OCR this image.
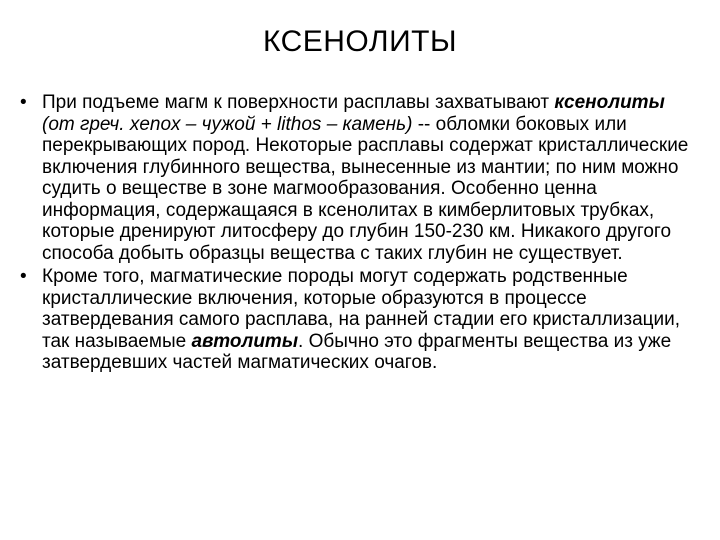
КСЕНОЛИТЫ
• При подъеме магм к поверхности расплавы захватывают ксенолиты (от греч. xenox – чужой + lithos – камень) -- обломки боковых или перекрывающих пород. Некоторые расплавы содержат кристаллические включения глубинного вещества, вынесенные из мантии; по ним можно судить о веществе в зоне магмообразования. Особенно ценна информация, содержащаяся в ксенолитах в кимберлитовых трубках, которые дренируют литосферу до глубин 150-230 км. Никакого другого способа добыть образцы вещества с таких глубин не существует.
• Кроме того, магматические породы могут содержать родственные кристаллические включения, которые образуются в процессе затвердевания самого расплава, на ранней стадии его кристаллизации, так называемые автолиты. Обычно это фрагменты вещества из уже затвердевших частей магматических очагов.
